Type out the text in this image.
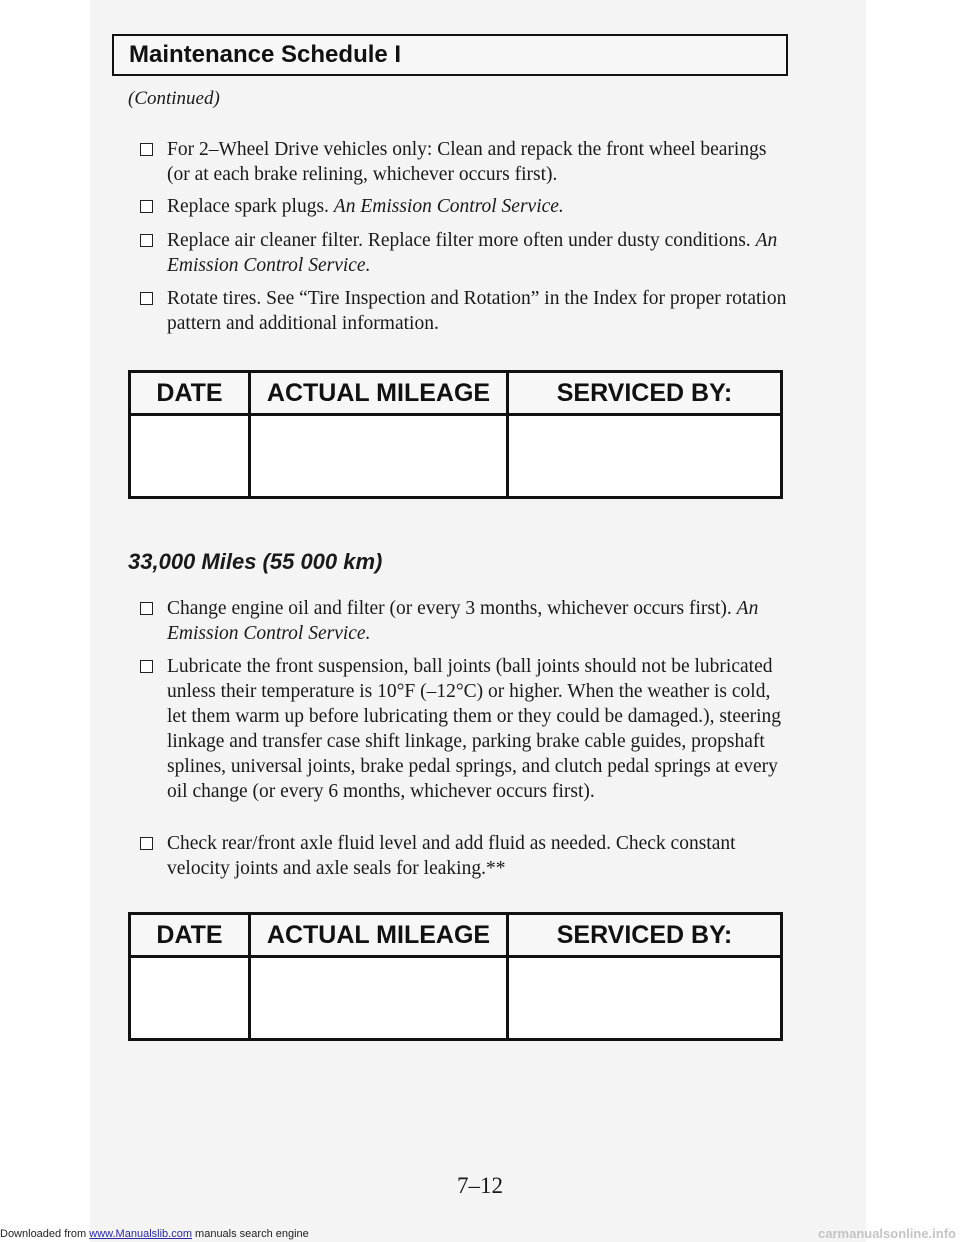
Maintenance Schedule I
(Continued)
For 2–Wheel Drive vehicles only: Clean and repack the front wheel bearings (or at each brake relining, whichever occurs first).
Replace spark plugs. An Emission Control Service.
Replace air cleaner filter. Replace filter more often under dusty conditions. An Emission Control Service.
Rotate tires. See “Tire Inspection and Rotation” in the Index for proper rotation pattern and additional information.
DATE	ACTUAL MILEAGE	SERVICED BY:

33,000 Miles (55 000 km)
Change engine oil and filter (or every 3 months, whichever occurs first). An Emission Control Service.
Lubricate the front suspension, ball joints (ball joints should not be lubricated unless their temperature is 10°F (–12°C) or higher. When the weather is cold, let them warm up before lubricating them or they could be damaged.), steering linkage and transfer case shift linkage, parking brake cable guides, propshaft splines, universal joints, brake pedal springs, and clutch pedal springs at every oil change (or every 6 months, whichever occurs first).
Check rear/front axle fluid level and add fluid as needed. Check constant velocity joints and axle seals for leaking.**
DATE	ACTUAL MILEAGE	SERVICED BY:

7–12
Downloaded from www.Manualslib.com manuals search engine	carmanualsonline.info
